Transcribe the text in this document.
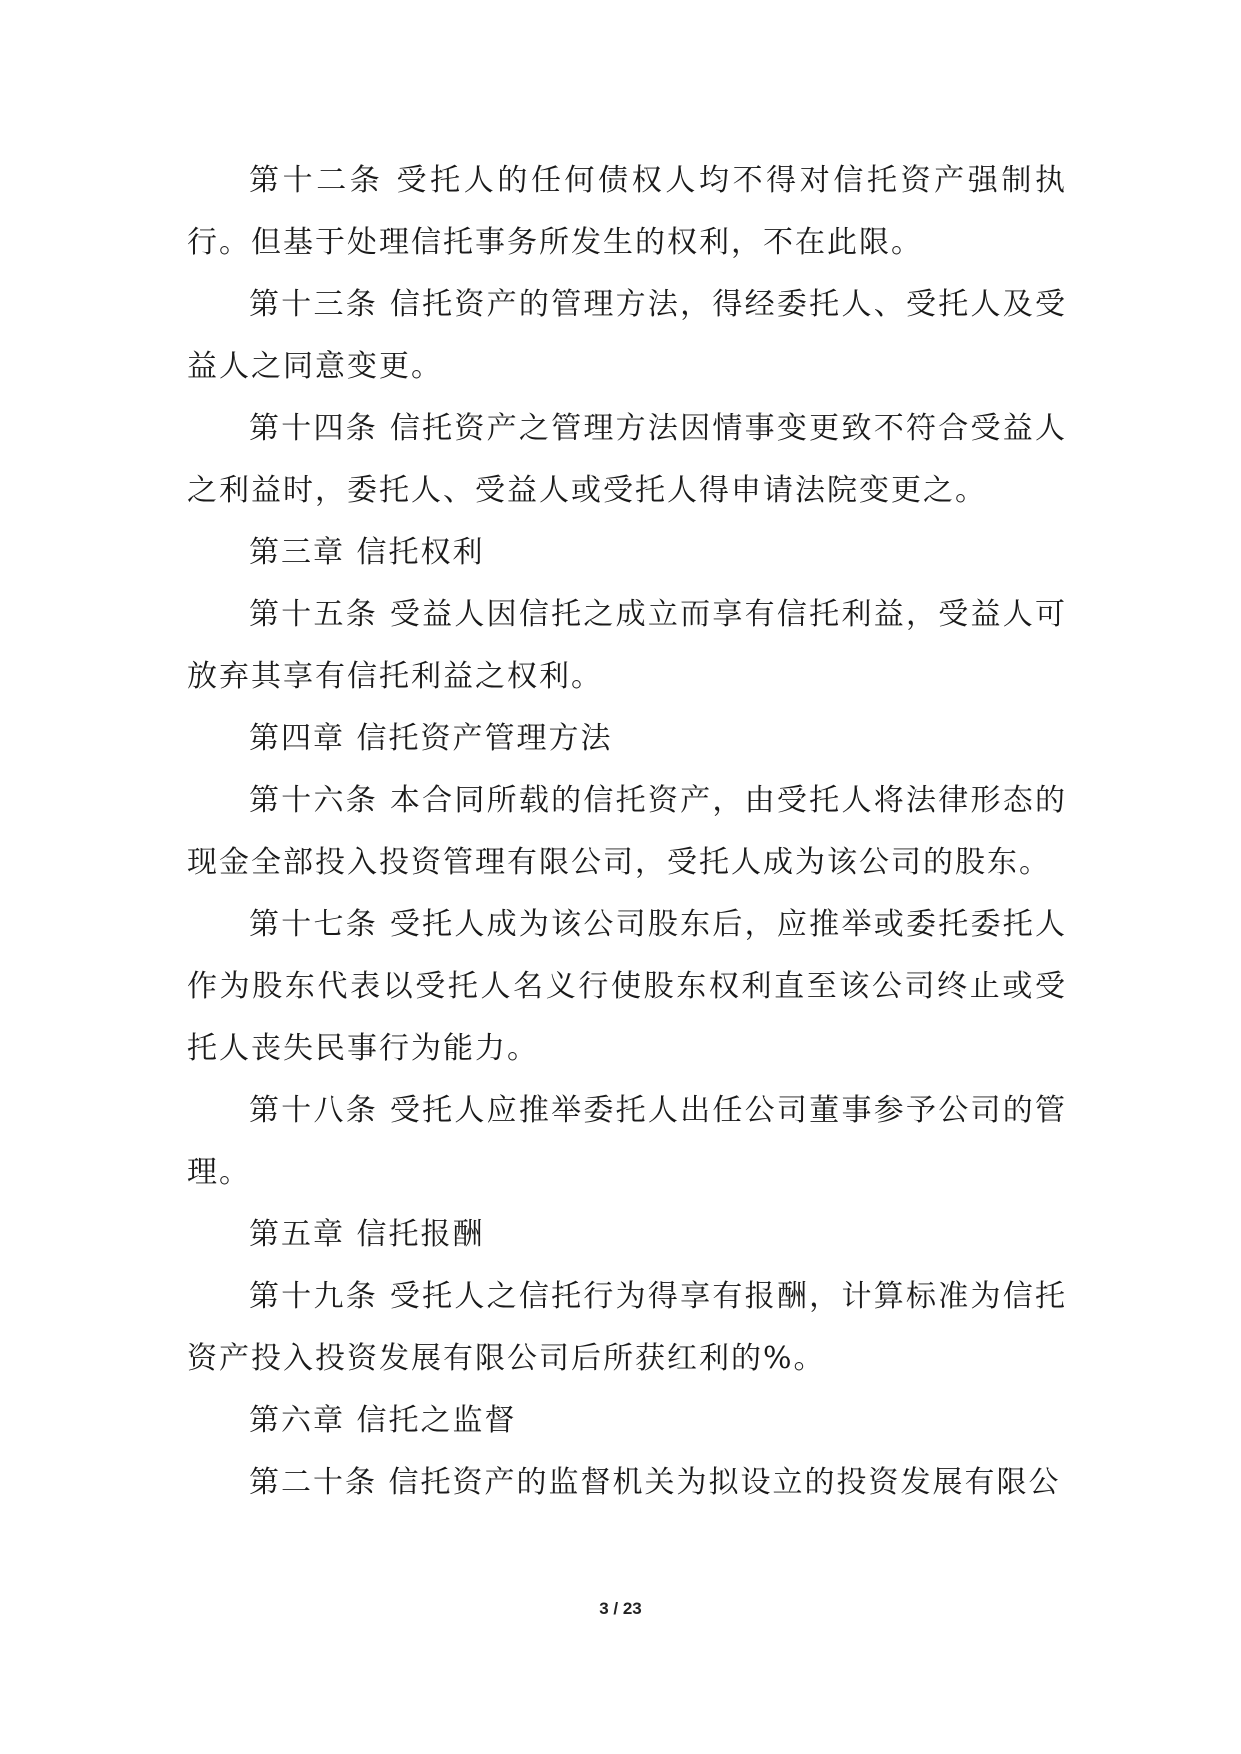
第十二条 受托人的任何债权人均不得对信托资产强制执行。但基于处理信托事务所发生的权利，不在此限。

第十三条 信托资产的管理方法，得经委托人、受托人及受益人之同意变更。

第十四条 信托资产之管理方法因情事变更致不符合受益人之利益时，委托人、受益人或受托人得申请法院变更之。

第三章 信托权利

第十五条 受益人因信托之成立而享有信托利益，受益人可放弃其享有信托利益之权利。

第四章 信托资产管理方法

第十六条 本合同所载的信托资产，由受托人将法律形态的现金全部投入投资管理有限公司，受托人成为该公司的股东。

第十七条 受托人成为该公司股东后，应推举或委托委托人作为股东代表以受托人名义行使股东权利直至该公司终止或受托人丧失民事行为能力。

第十八条 受托人应推举委托人出任公司董事参予公司的管理。

第五章 信托报酬

第十九条 受托人之信托行为得享有报酬，计算标准为信托资产投入投资发展有限公司后所获红利的%。

第六章 信托之监督

第二十条 信托资产的监督机关为拟设立的投资发展有限公

3 / 23
